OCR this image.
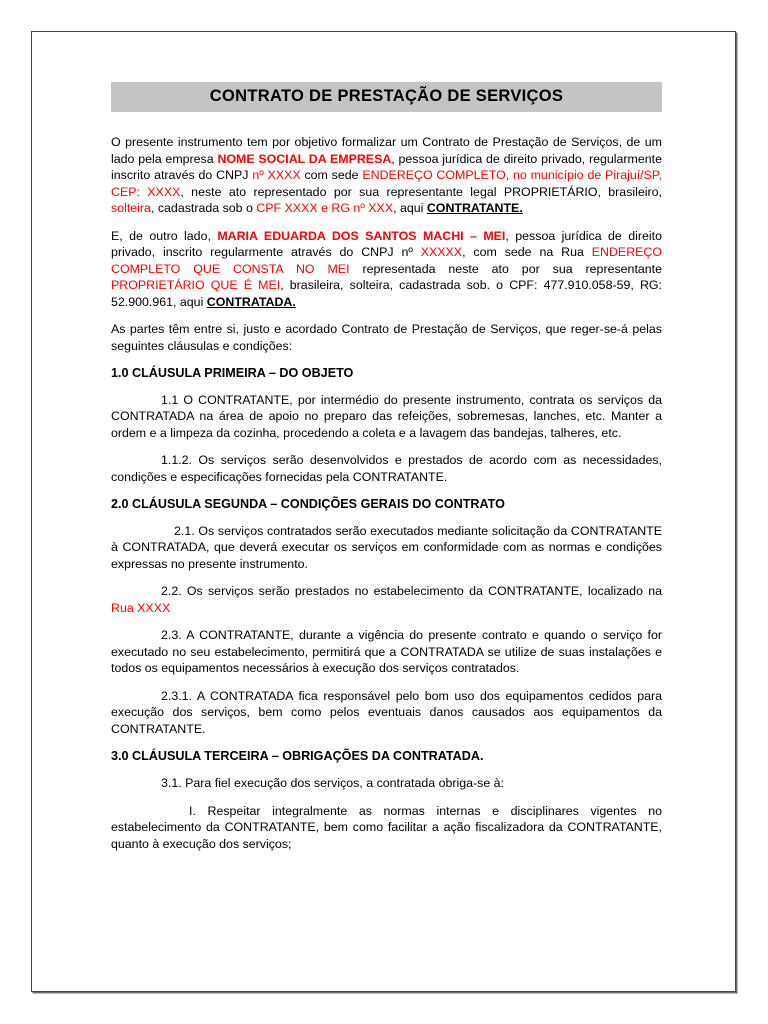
CONTRATO DE PRESTAÇÃO DE SERVIÇOS

O presente instrumento tem por objetivo formalizar um Contrato de Prestação de Serviços, de um lado pela empresa NOME SOCIAL DA EMPRESA, pessoa jurídica de direito privado, regularmente inscrito através do CNPJ nº XXXX com sede ENDEREÇO COMPLETO, no município de Pirajuí/SP, CEP: XXXX, neste ato representado por sua representante legal PROPRIETÁRIO, brasileiro, solteira, cadastrada sob o CPF XXXX e RG nº XXX, aqui CONTRATANTE.

E, de outro lado, MARIA EDUARDA DOS SANTOS MACHI – MEI, pessoa jurídica de direito privado, inscrito regularmente através do CNPJ nº XXXXX, com sede na Rua ENDEREÇO COMPLETO QUE CONSTA NO MEI representada neste ato por sua representante PROPRIETÁRIO QUE É MEI, brasileira, solteira, cadastrada sob. o CPF: 477.910.058-59, RG: 52.900.961, aqui CONTRATADA.

As partes têm entre si, justo e acordado Contrato de Prestação de Serviços, que reger-se-á pelas seguintes cláusulas e condições:

1.0 CLÁUSULA PRIMEIRA – DO OBJETO

1.1 O CONTRATANTE, por intermédio do presente instrumento, contrata os serviços da CONTRATADA na área de apoio no preparo das refeições, sobremesas, lanches, etc. Manter a ordem e a limpeza da cozinha, procedendo a coleta e a lavagem das bandejas, talheres, etc.

1.1.2. Os serviços serão desenvolvidos e prestados de acordo com as necessidades, condições e especificações fornecidas pela CONTRATANTE.

2.0 CLÁUSULA SEGUNDA – CONDIÇÕES GERAIS DO CONTRATO

2.1. Os serviços contratados serão executados mediante solicitação da CONTRATANTE à CONTRATADA, que deverá executar os serviços em conformidade com as normas e condições expressas no presente instrumento.

2.2. Os serviços serão prestados no estabelecimento da CONTRATANTE, localizado na Rua XXXX

2.3. A CONTRATANTE, durante a vigência do presente contrato e quando o serviço for executado no seu estabelecimento, permitirá que a CONTRATADA se utilize de suas instalações e todos os equipamentos necessários à execução dos serviços contratados.

2.3.1. A CONTRATADA fica responsável pelo bom uso dos equipamentos cedidos para execução dos serviços, bem como pelos eventuais danos causados aos equipamentos da CONTRATANTE.

3.0 CLÁUSULA TERCEIRA – OBRIGAÇÕES DA CONTRATADA.

3.1. Para fiel execução dos serviços, a contratada obriga-se à:

I. Respeitar integralmente as normas internas e disciplinares vigentes no estabelecimento da CONTRATANTE, bem como facilitar a ação fiscalizadora da CONTRATANTE, quanto à execução dos serviços;
